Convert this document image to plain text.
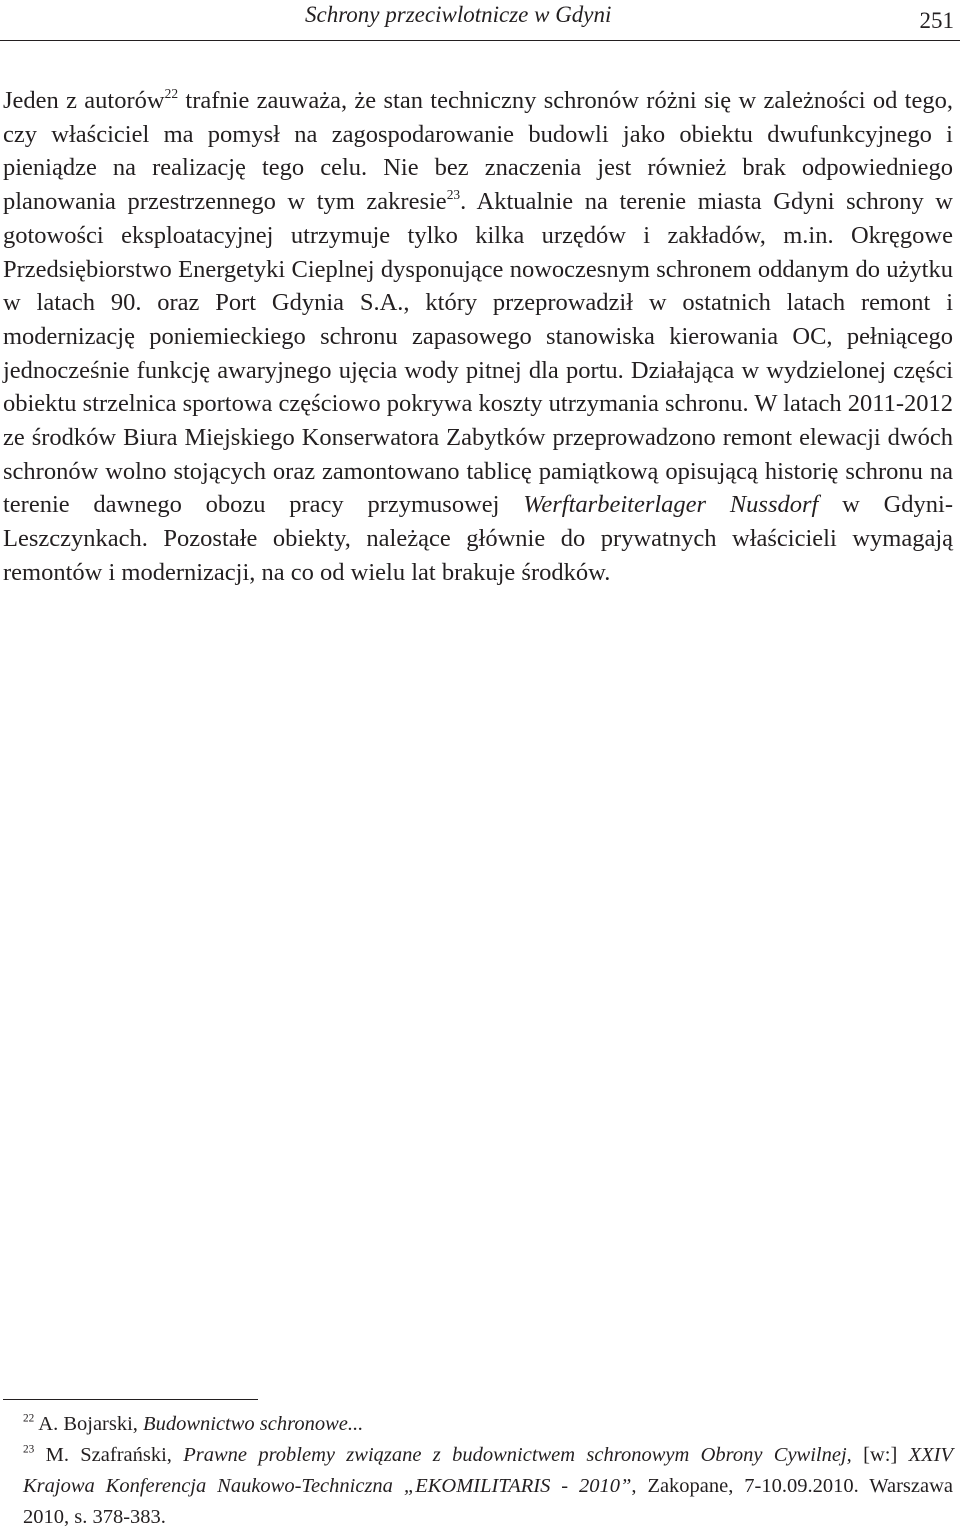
Schrony przeciwlotnicze w Gdyni	251

Jeden z autorów$^{22}$ trafnie zauważa, że stan techniczny schronów różni się w zależności od tego, czy właściciel ma pomysł na zagospodarowanie budowli jako obiektu dwufunkcyjnego i pieniądze na realizację tego celu. Nie bez znaczenia jest również brak odpowiedniego planowania przestrzennego w tym zakresie$^{23}$. Aktualnie na terenie miasta Gdyni schrony w gotowości eksploatacyjnej utrzymuje tylko kilka urzędów i zakładów, m.in. Okręgowe Przedsiębiorstwo Energetyki Cieplnej dysponujące nowoczesnym schronem oddanym do użytku w latach 90. oraz Port Gdynia S.A., który przeprowadził w ostatnich latach remont i modernizację poniemieckiego schronu zapasowego stanowiska kierowania OC, pełniącego jednocześnie funkcję awaryjnego ujęcia wody pitnej dla portu. Działająca w wydzielonej części obiektu strzelnica sportowa częściowo pokrywa koszty utrzymania schronu. W latach 2011-2012 ze środków Biura Miejskiego Konserwatora Zabytków przeprowadzono remont elewacji dwóch schronów wolno stojących oraz zamontowano tablicę pamiątkową opisującą historię schronu na terenie dawnego obozu pracy przymusowej Werftarbeiterlager Nussdorf w Gdyni-Leszczynkach. Pozostałe obiekty, należące głównie do prywatnych właścicieli wymagają remontów i modernizacji, na co od wielu lat brakuje środków.

$^{22}$ A. Bojarski, Budownictwo schronowe...

$^{23}$ M. Szafrański, Prawne problemy związane z budownictwem schronowym Obrony Cywilnej, [w:] XXIV Krajowa Konferencja Naukowo-Techniczna „EKOMILITARIS - 2010”, Zakopane, 7-10.09.2010. Warszawa 2010, s. 378-383.
